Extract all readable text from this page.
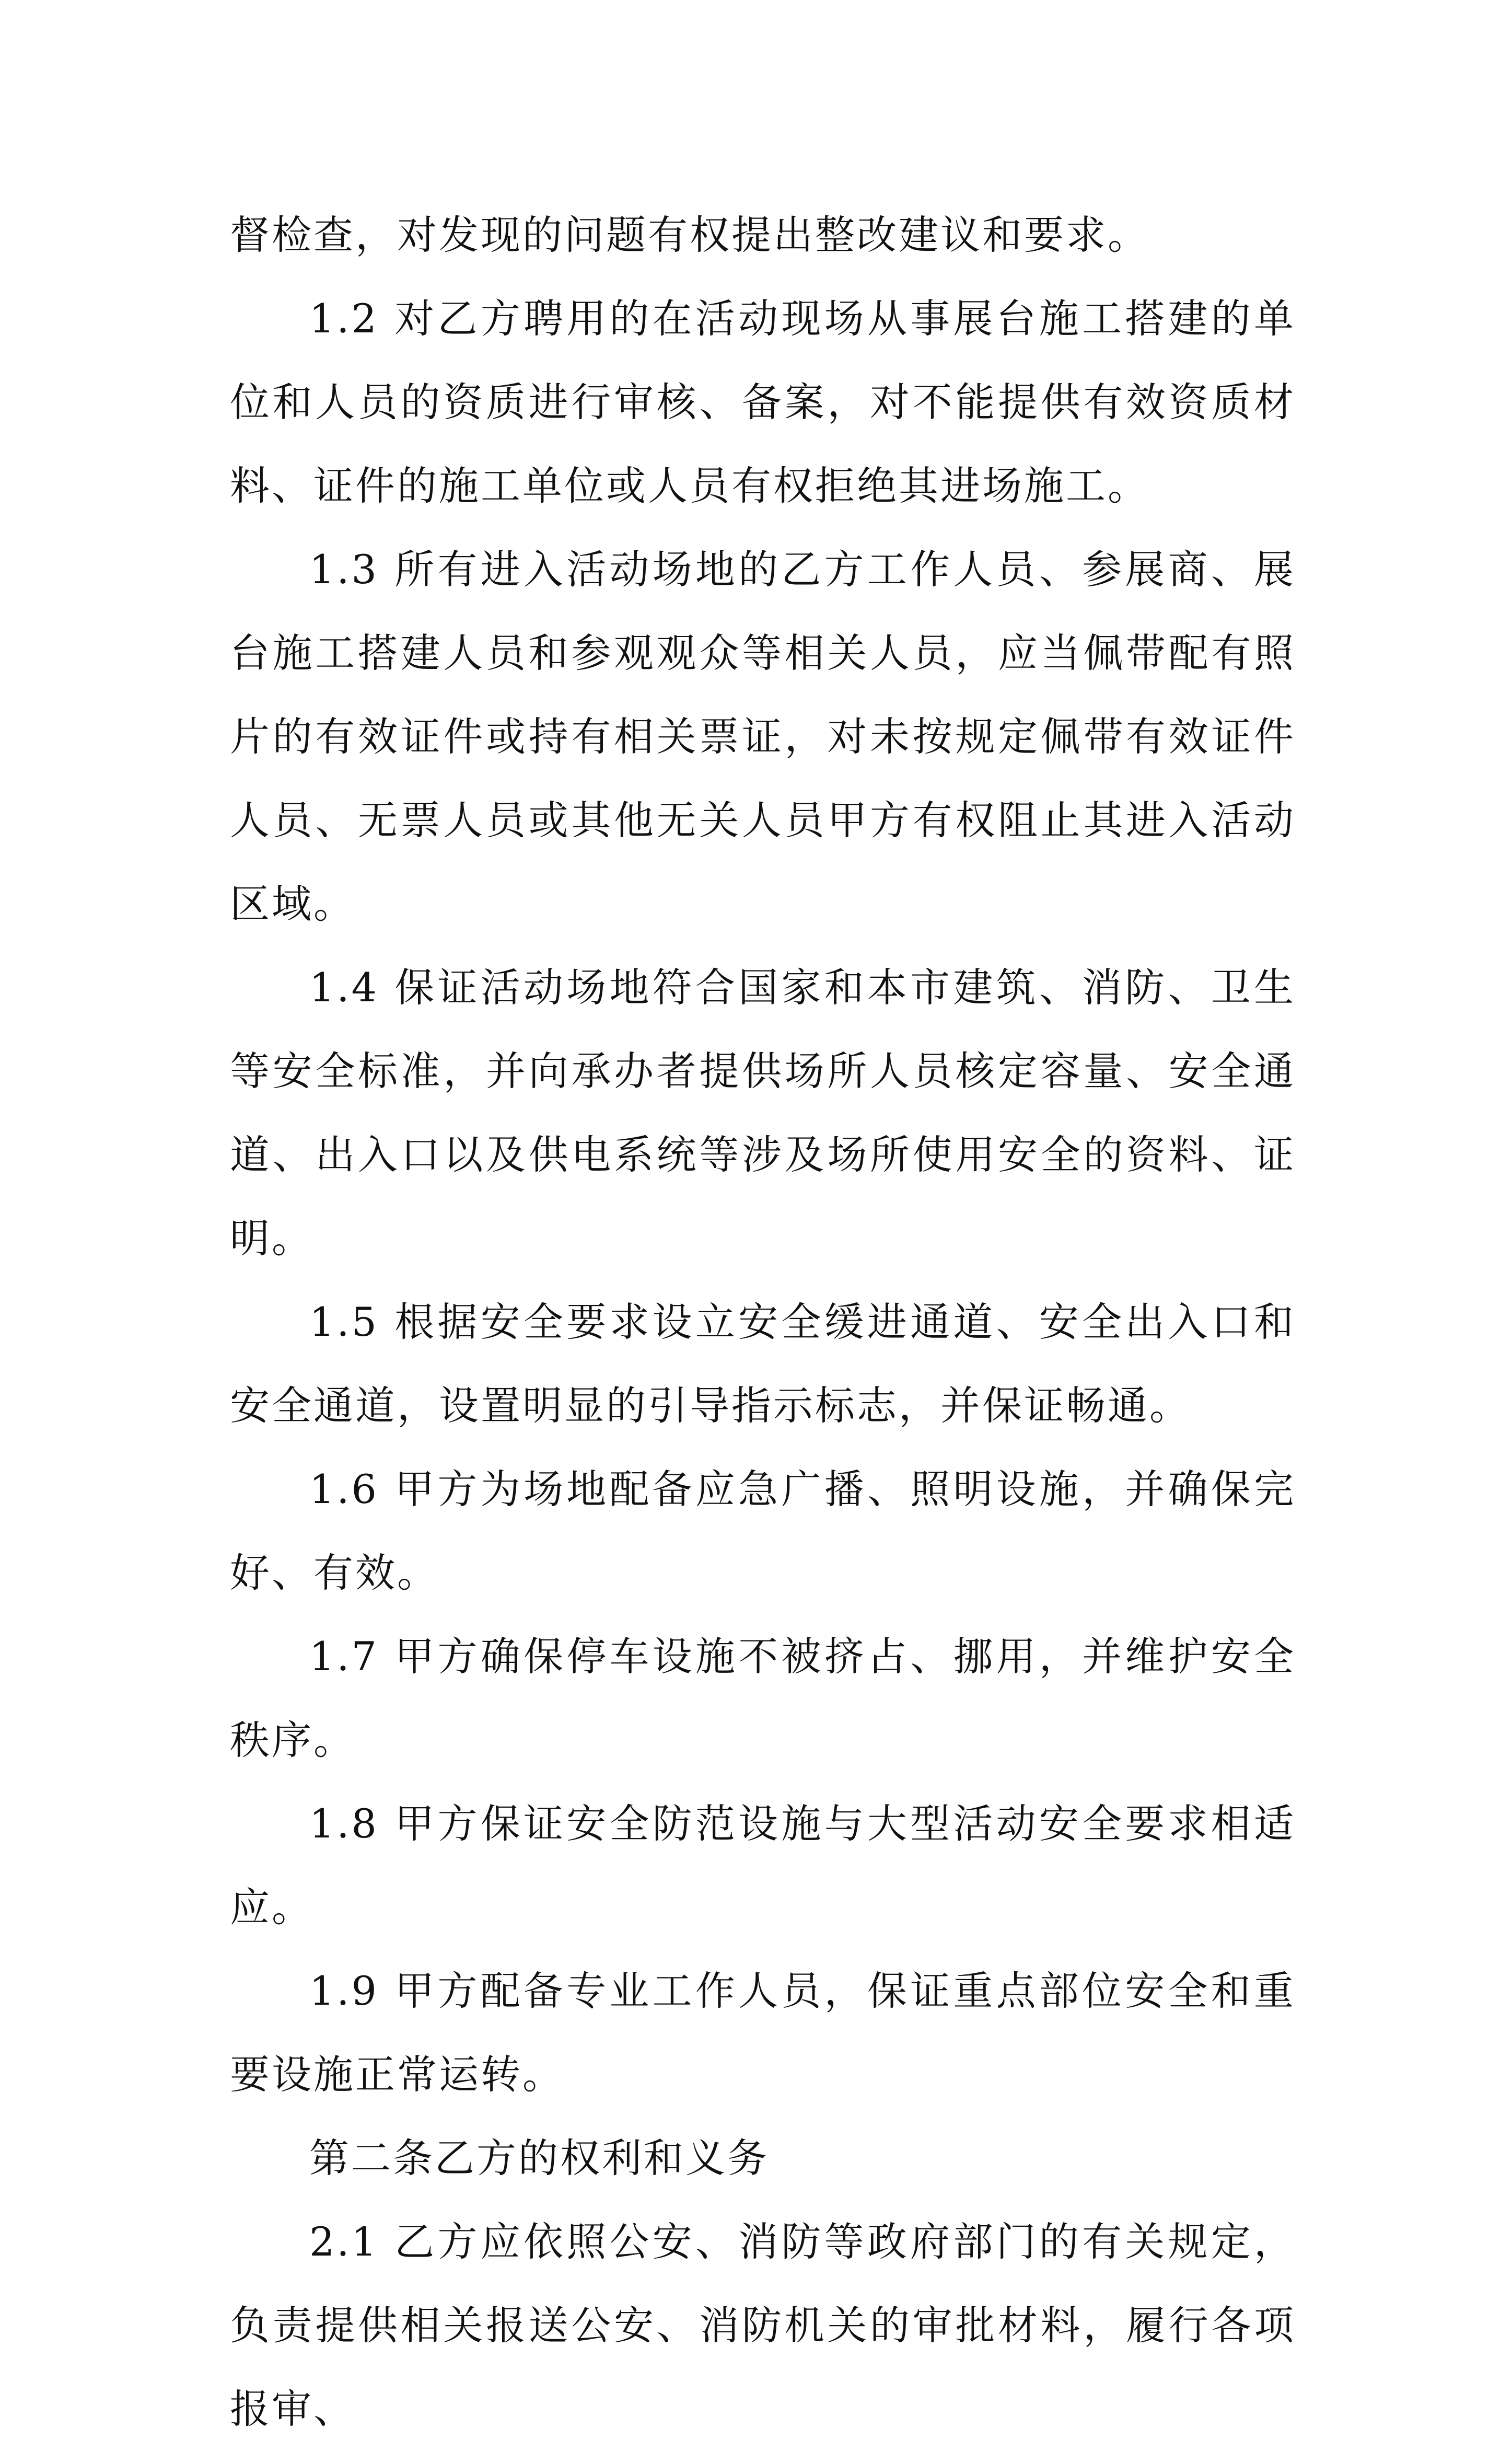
督检查，对发现的问题有权提出整改建议和要求。

1.2 对乙方聘用的在活动现场从事展台施工搭建的单位和人员的资质进行审核、备案，对不能提供有效资质材料、证件的施工单位或人员有权拒绝其进场施工。

1.3 所有进入活动场地的乙方工作人员、参展商、展台施工搭建人员和参观观众等相关人员，应当佩带配有照片的有效证件或持有相关票证，对未按规定佩带有效证件人员、无票人员或其他无关人员甲方有权阻止其进入活动区域。

1.4 保证活动场地符合国家和本市建筑、消防、卫生等安全标准，并向承办者提供场所人员核定容量、安全通道、出入口以及供电系统等涉及场所使用安全的资料、证明。

1.5 根据安全要求设立安全缓进通道、安全出入口和安全通道，设置明显的引导指示标志，并保证畅通。

1.6 甲方为场地配备应急广播、照明设施，并确保完好、有效。

1.7 甲方确保停车设施不被挤占、挪用，并维护安全秩序。

1.8 甲方保证安全防范设施与大型活动安全要求相适应。

1.9 甲方配备专业工作人员，保证重点部位安全和重要设施正常运转。

第二条乙方的权利和义务

2.1 乙方应依照公安、消防等政府部门的有关规定，负责提供相关报送公安、消防机关的审批材料，履行各项报审、
